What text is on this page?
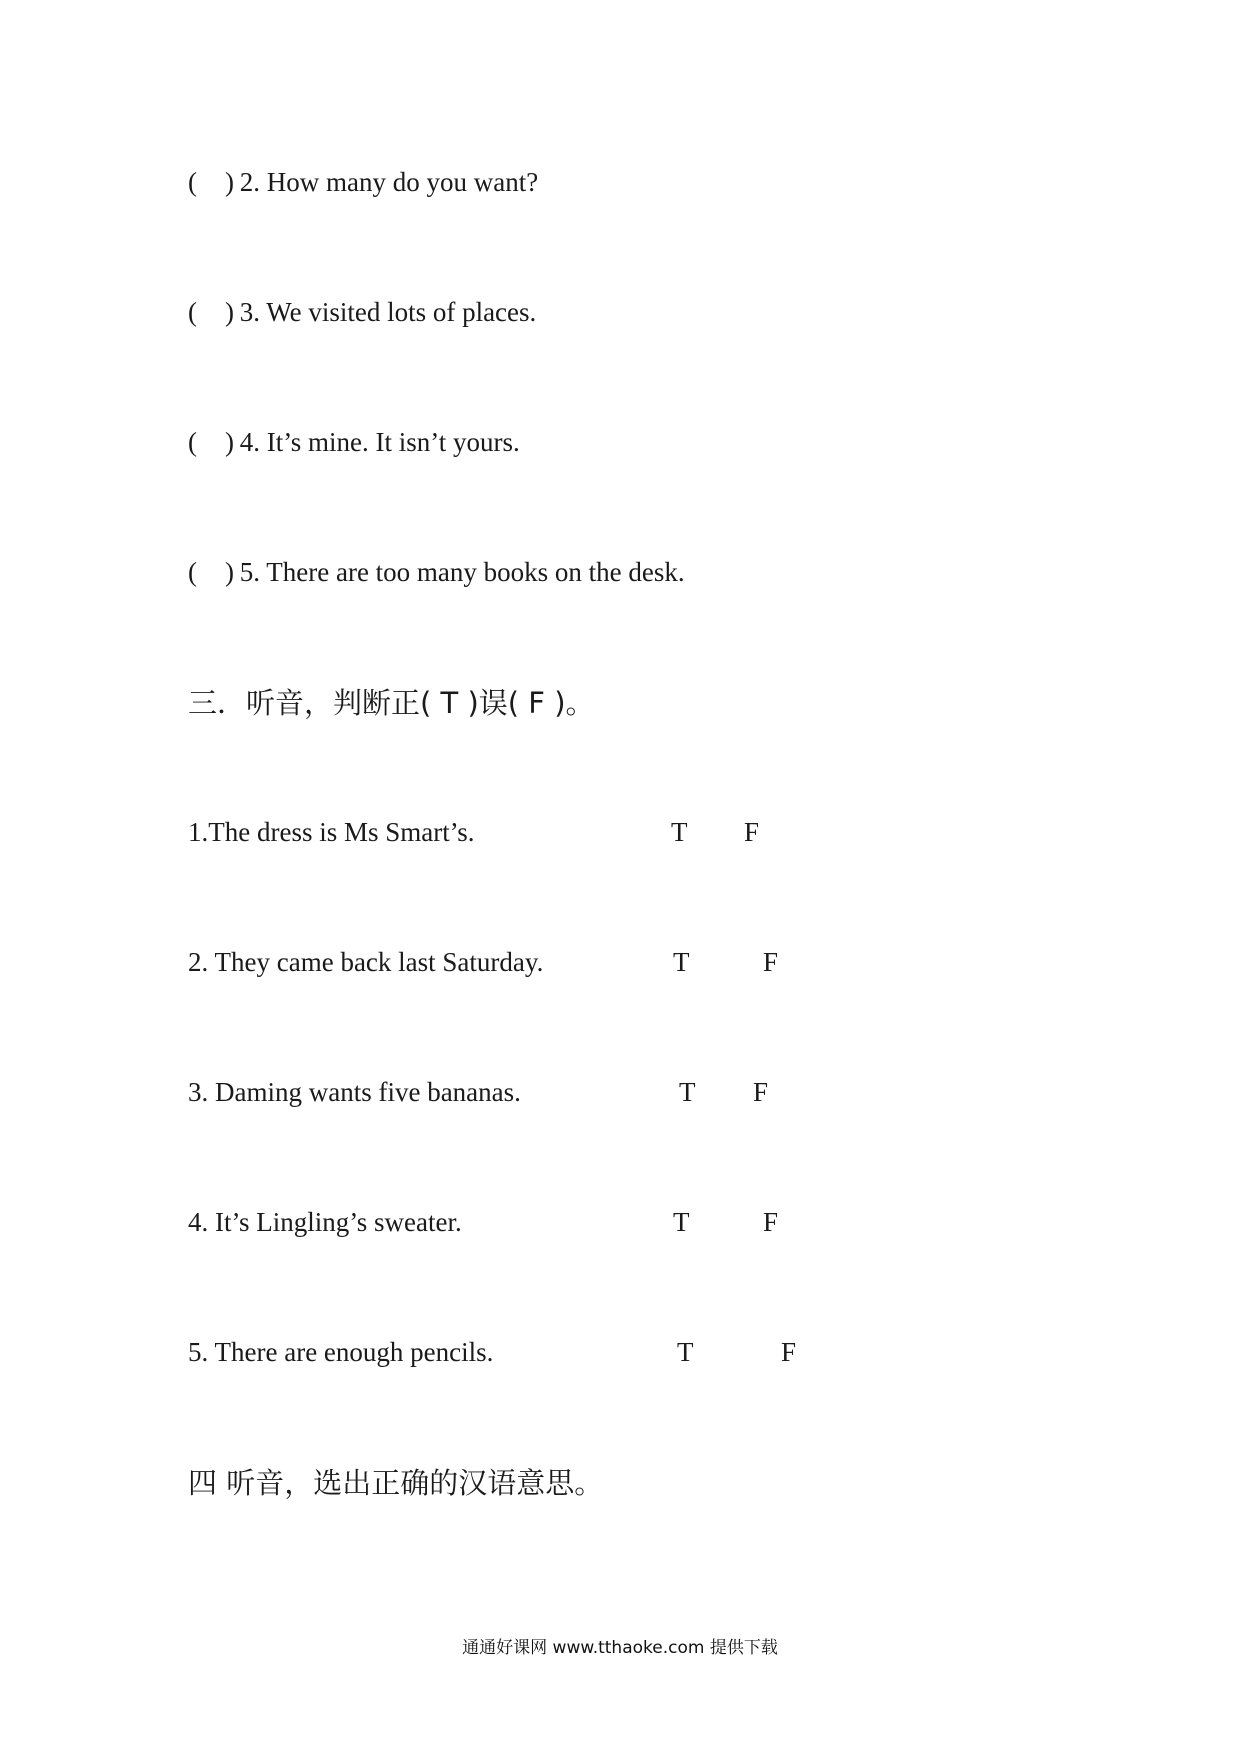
( ) 2. How many do you want?
( ) 3. We visited lots of places.
( ) 4. It’s mine. It isn’t yours.
( ) 5. There are too many books on the desk.
三．听音，判断正( T )误( F )。
1.The dress is Ms Smart’s.	T F
2. They came back last Saturday.	T	F
3. Daming wants five bananas.	T F
4. It’s Lingling’s sweater.	T	F
5. There are enough pencils.	T	F
四 听音，选出正确的汉语意思。
通通好课网 www.tthaoke.com 提供下载
